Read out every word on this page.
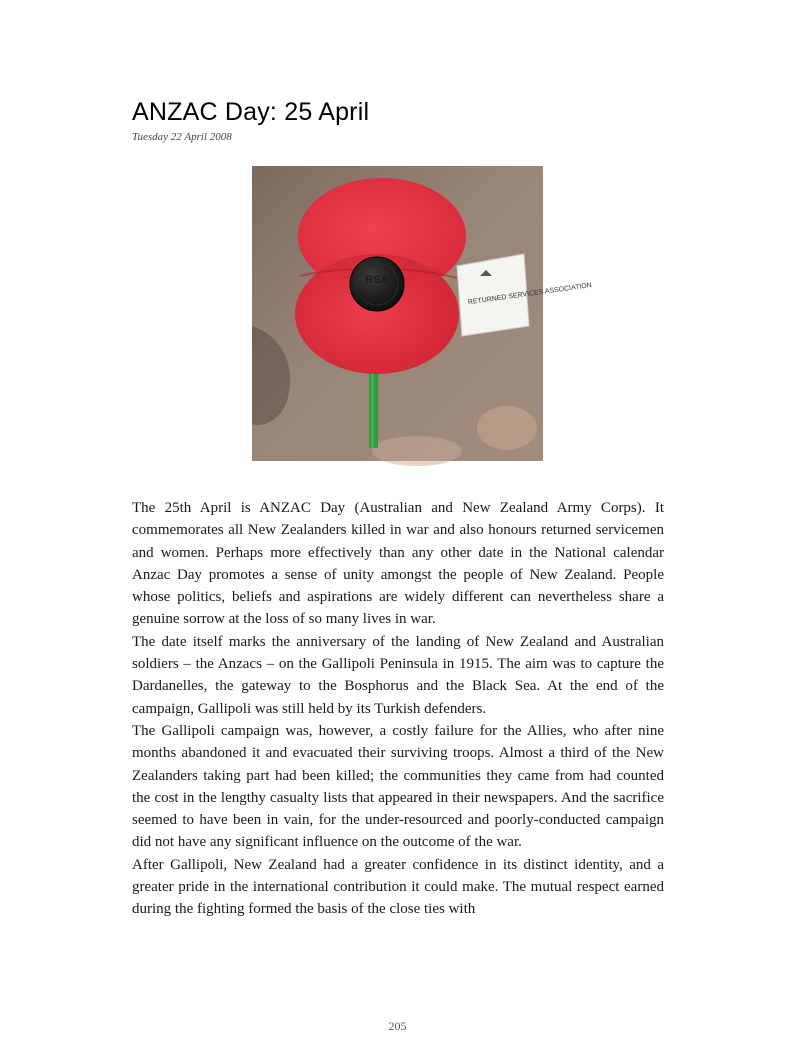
ANZAC Day: 25 April
Tuesday 22 April 2008
RETURNED SERVICES ASSOCIATION
RSA
NEW ZEALAND

The 25th April is ANZAC Day (Australian and New Zealand Army Corps). It commemorates all New Zealanders killed in war and also honours returned servicemen and women. Perhaps more effectively than any other date in the National calendar Anzac Day promotes a sense of unity amongst the people of New Zealand. People whose politics, beliefs and aspirations are widely different can nevertheless share a genuine sorrow at the loss of so many lives in war.

The date itself marks the anniversary of the landing of New Zealand and Australian soldiers – the Anzacs – on the Gallipoli Peninsula in 1915. The aim was to capture the Dardanelles, the gateway to the Bosphorus and the Black Sea. At the end of the campaign, Gallipoli was still held by its Turkish defenders.

The Gallipoli campaign was, however, a costly failure for the Allies, who after nine months abandoned it and evacuated their surviving troops. Almost a third of the New Zealanders taking part had been killed; the communities they came from had counted the cost in the lengthy casualty lists that appeared in their newspapers. And the sacrifice seemed to have been in vain, for the under-resourced and poorly-conducted campaign did not have any significant influence on the outcome of the war.

After Gallipoli, New Zealand had a greater confidence in its distinct identity, and a greater pride in the international contribution it could make. The mutual respect earned during the fighting formed the basis of the close ties with

205
